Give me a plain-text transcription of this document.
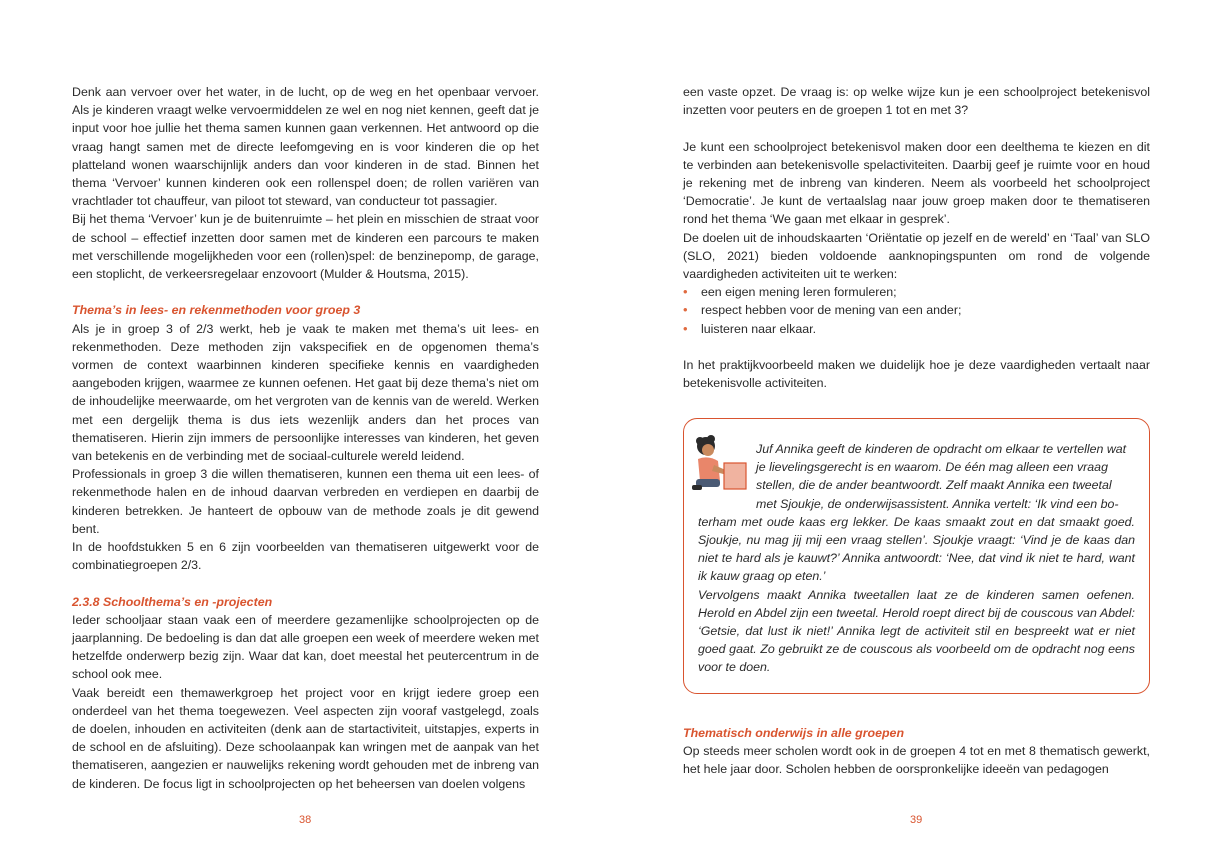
Denk aan vervoer over het water, in de lucht, op de weg en het openbaar vervoer. Als je kinderen vraagt welke vervoermiddelen ze wel en nog niet kennen, geeft dat je input voor hoe jullie het thema samen kunnen gaan verkennen. Het antwoord op die vraag hangt samen met de directe leefomgeving en is voor kinderen die op het platteland wonen waarschijnlijk anders dan voor kinderen in de stad. Binnen het thema ‘Vervoer’ kunnen kinderen ook een rollenspel doen; de rollen variëren van vrachtlader tot chauffeur, van piloot tot steward, van conducteur tot passagier.

Bij het thema ‘Vervoer’ kun je de buitenruimte – het plein en misschien de straat voor de school – effectief inzetten door samen met de kinderen een parcours te maken met verschillende mogelijkheden voor een (rollen)spel: de benzinepomp, de garage, een stoplicht, de verkeersregelaar enzovoort (Mulder & Houtsma, 2015).

Thema’s in lees- en rekenmethoden voor groep 3

Als je in groep 3 of 2/3 werkt, heb je vaak te maken met thema’s uit lees- en rekenmethoden. Deze methoden zijn vakspecifiek en de opgenomen thema’s vormen de context waarbinnen kinderen specifieke kennis en vaardigheden aangeboden krijgen, waarmee ze kunnen oefenen. Het gaat bij deze thema’s niet om de inhoudelijke meerwaarde, om het vergroten van de kennis van de wereld. Werken met een dergelijk thema is dus iets wezenlijk anders dan het proces van thematiseren. Hierin zijn immers de persoonlijke interesses van kinderen, het geven van betekenis en de verbinding met de sociaal-culturele wereld leidend.

Professionals in groep 3 die willen thematiseren, kunnen een thema uit een lees- of rekenmethode halen en de inhoud daarvan verbreden en verdiepen en daarbij de kinderen betrekken. Je hanteert de opbouw van de methode zoals je dit gewend bent.

In de hoofdstukken 5 en 6 zijn voorbeelden van thematiseren uitgewerkt voor de combinatiegroepen 2/3.

2.3.8 Schoolthema’s en -projecten

Ieder schooljaar staan vaak een of meerdere gezamenlijke schoolprojecten op de jaarplanning. De bedoeling is dan dat alle groepen een week of meerdere weken met hetzelfde onderwerp bezig zijn. Waar dat kan, doet meestal het peutercentrum in de school ook mee.

Vaak bereidt een themawerkgroep het project voor en krijgt iedere groep een onderdeel van het thema toegewezen. Veel aspecten zijn vooraf vastgelegd, zoals de doelen, inhouden en activiteiten (denk aan de startactiviteit, uitstapjes, experts in de school en de afsluiting). Deze schoolaanpak kan wringen met de aanpak van het thematiseren, aangezien er nauwelijks rekening wordt gehouden met de inbreng van de kinderen. De focus ligt in schoolprojecten op het beheersen van doelen volgens

38

een vaste opzet. De vraag is: op welke wijze kun je een schoolproject betekenisvol inzetten voor peuters en de groepen 1 tot en met 3?

Je kunt een schoolproject betekenisvol maken door een deelthema te kiezen en dit te verbinden aan betekenisvolle spelactiviteiten. Daarbij geef je ruimte voor en houd je rekening met de inbreng van kinderen. Neem als voorbeeld het schoolproject ‘Democratie’. Je kunt de vertaalslag naar jouw groep maken door te thematiseren rond het thema ‘We gaan met elkaar in gesprek’.

De doelen uit de inhoudskaarten ‘Oriëntatie op jezelf en de wereld’ en ‘Taal’ van SLO (SLO, 2021) bieden voldoende aanknopingspunten om rond de volgende vaardigheden activiteiten uit te werken:

• een eigen mening leren formuleren;
• respect hebben voor de mening van een ander;
• luisteren naar elkaar.

In het praktijkvoorbeeld maken we duidelijk hoe je deze vaardigheden vertaalt naar betekenisvolle activiteiten.

Juf Annika geeft de kinderen de opdracht om elkaar te vertellen wat
je lievelingsgerecht is en waarom. De één mag alleen een vraag
stellen, die de ander beantwoordt. Zelf maakt Annika een tweetal
met Sjoukje, de onderwijsassistent. Annika vertelt: ‘Ik vind een bo-

terham met oude kaas erg lekker. De kaas smaakt zout en dat smaakt goed. Sjoukje, nu mag jij mij een vraag stellen’. Sjoukje vraagt: ‘Vind je de kaas dan niet te hard als je kauwt?’ Annika antwoordt: ‘Nee, dat vind ik niet te hard, want ik kauw graag op eten.’

Vervolgens maakt Annika tweetallen laat ze de kinderen samen oefenen. Herold en Abdel zijn een tweetal. Herold roept direct bij de couscous van Abdel: ‘Getsie, dat lust ik niet!’ Annika legt de activiteit stil en bespreekt wat er niet goed gaat. Zo gebruikt ze de couscous als voorbeeld om de opdracht nog eens voor te doen.

Thematisch onderwijs in alle groepen

Op steeds meer scholen wordt ook in de groepen 4 tot en met 8 thematisch gewerkt, het hele jaar door. Scholen hebben de oorspronkelijke ideeën van pedagogen

39
